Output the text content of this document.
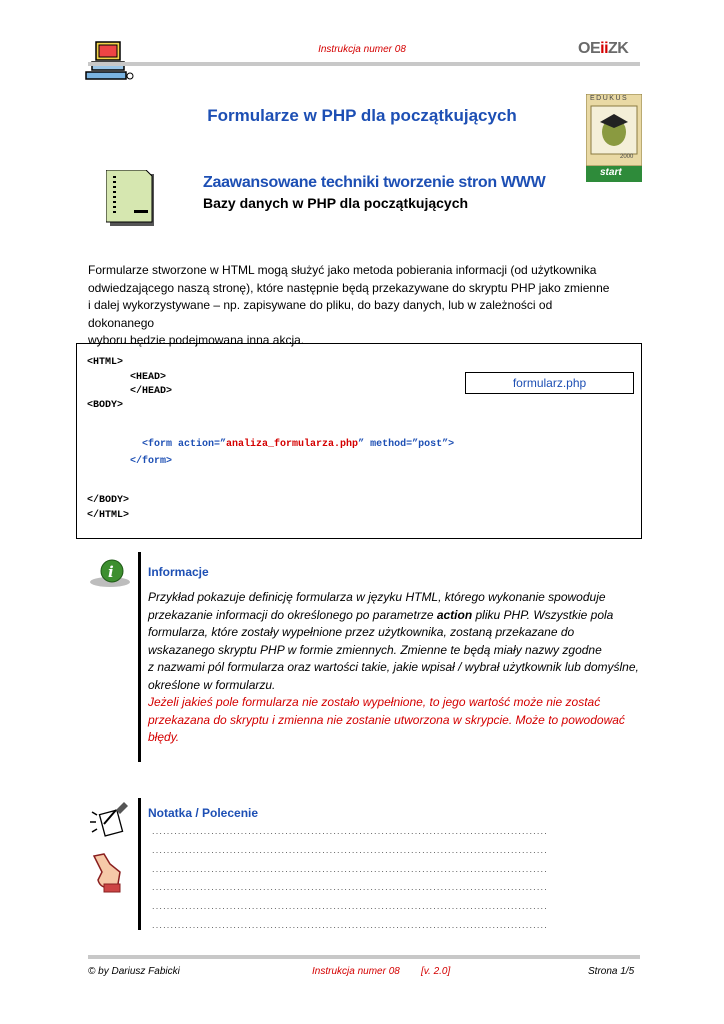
Instrukcja numer 08	OEiiZK
EDUKUS
2000
start
Formularze w PHP dla początkujących
Zaawansowane techniki tworzenie stron WWW
Bazy danych w PHP dla początkujących
Formularze stworzone w HTML mogą służyć jako metoda pobierania informacji (od użytkownika
odwiedzającego naszą stronę), które następnie będą przekazywane do skryptu PHP jako zmienne
i dalej wykorzystywane – np. zapisywane do pliku, do bazy danych, lub w zależności od dokonanego
wyboru będzie podejmowana inna akcja.
<HTML>
<HEAD>
</HEAD>
<BODY>

<form action=”analiza_formularza.php” method=”post”>

</form>
</BODY>
</HTML>
formularz.php
i	Informacje
Przykład pokazuje definicję formularza w języku HTML, którego wykonanie spowoduje
przekazanie informacji do określonego po parametrze action pliku PHP. Wszystkie pola
formularza, które zostały wypełnione przez użytkownika, zostaną przekazane do
wskazanego skryptu PHP w formie zmiennych. Zmienne te będą miały nazwy zgodne
z nazwami pól formularza oraz wartości takie, jakie wpisał / wybrał użytkownik lub domyślne,
określone w formularzu.
Jeżeli jakieś pole formularza nie zostało wypełnione, to jego wartość może nie zostać
przekazana do skryptu i zmienna nie zostanie utworzona w skrypcie. Może to powodować
błędy.
Notatka / Polecenie
...........................................................................................................
...........................................................................................................
...........................................................................................................
...........................................................................................................
...........................................................................................................
...........................................................................................................
© by Dariusz Fabicki	Instrukcja numer 08 [v. 2.0]	Strona 1/5
